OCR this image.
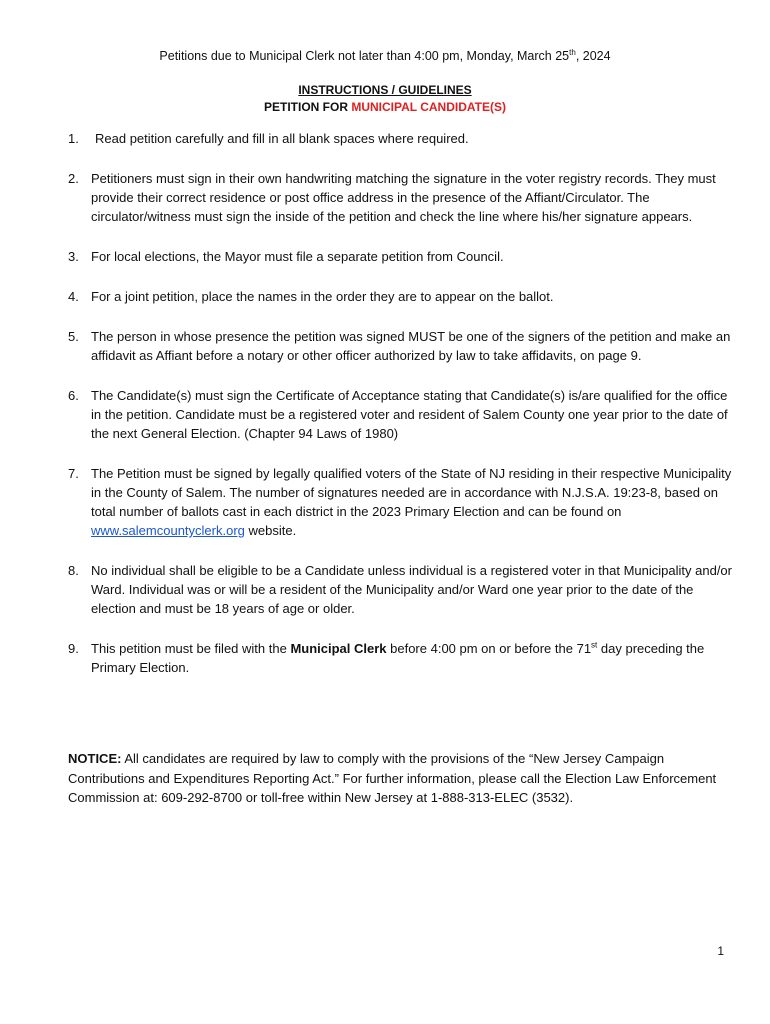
Petitions due to Municipal Clerk not later than 4:00 pm, Monday, March 25th, 2024
INSTRUCTIONS / GUIDELINES
PETITION FOR MUNICIPAL CANDIDATE(S)
1.	Read petition carefully and fill in all blank spaces where required.
2. Petitioners must sign in their own handwriting matching the signature in the voter registry records. They must provide their correct residence or post office address in the presence of the Affiant/Circulator. The circulator/witness must sign the inside of the petition and check the line where his/her signature appears.
3. For local elections, the Mayor must file a separate petition from Council.
4. For a joint petition, place the names in the order they are to appear on the ballot.
5. The person in whose presence the petition was signed MUST be one of the signers of the petition and make an affidavit as Affiant before a notary or other officer authorized by law to take affidavits, on page 9.
6. The Candidate(s) must sign the Certificate of Acceptance stating that Candidate(s) is/are qualified for the office in the petition. Candidate must be a registered voter and resident of Salem County one year prior to the date of the next General Election. (Chapter 94 Laws of 1980)
7. The Petition must be signed by legally qualified voters of the State of NJ residing in their respective Municipality in the County of Salem. The number of signatures needed are in accordance with N.J.S.A. 19:23-8, based on total number of ballots cast in each district in the 2023 Primary Election and can be found on www.salemcountyclerk.org website.
8. No individual shall be eligible to be a Candidate unless individual is a registered voter in that Municipality and/or Ward. Individual was or will be a resident of the Municipality and/or Ward one year prior to the date of the election and must be 18 years of age or older.
9. This petition must be filed with the Municipal Clerk before 4:00 pm on or before the 71st day preceding the Primary Election.
NOTICE: All candidates are required by law to comply with the provisions of the “New Jersey Campaign Contributions and Expenditures Reporting Act.” For further information, please call the Election Law Enforcement Commission at: 609-292-8700 or toll-free within New Jersey at 1-888-313-ELEC (3532).
1
